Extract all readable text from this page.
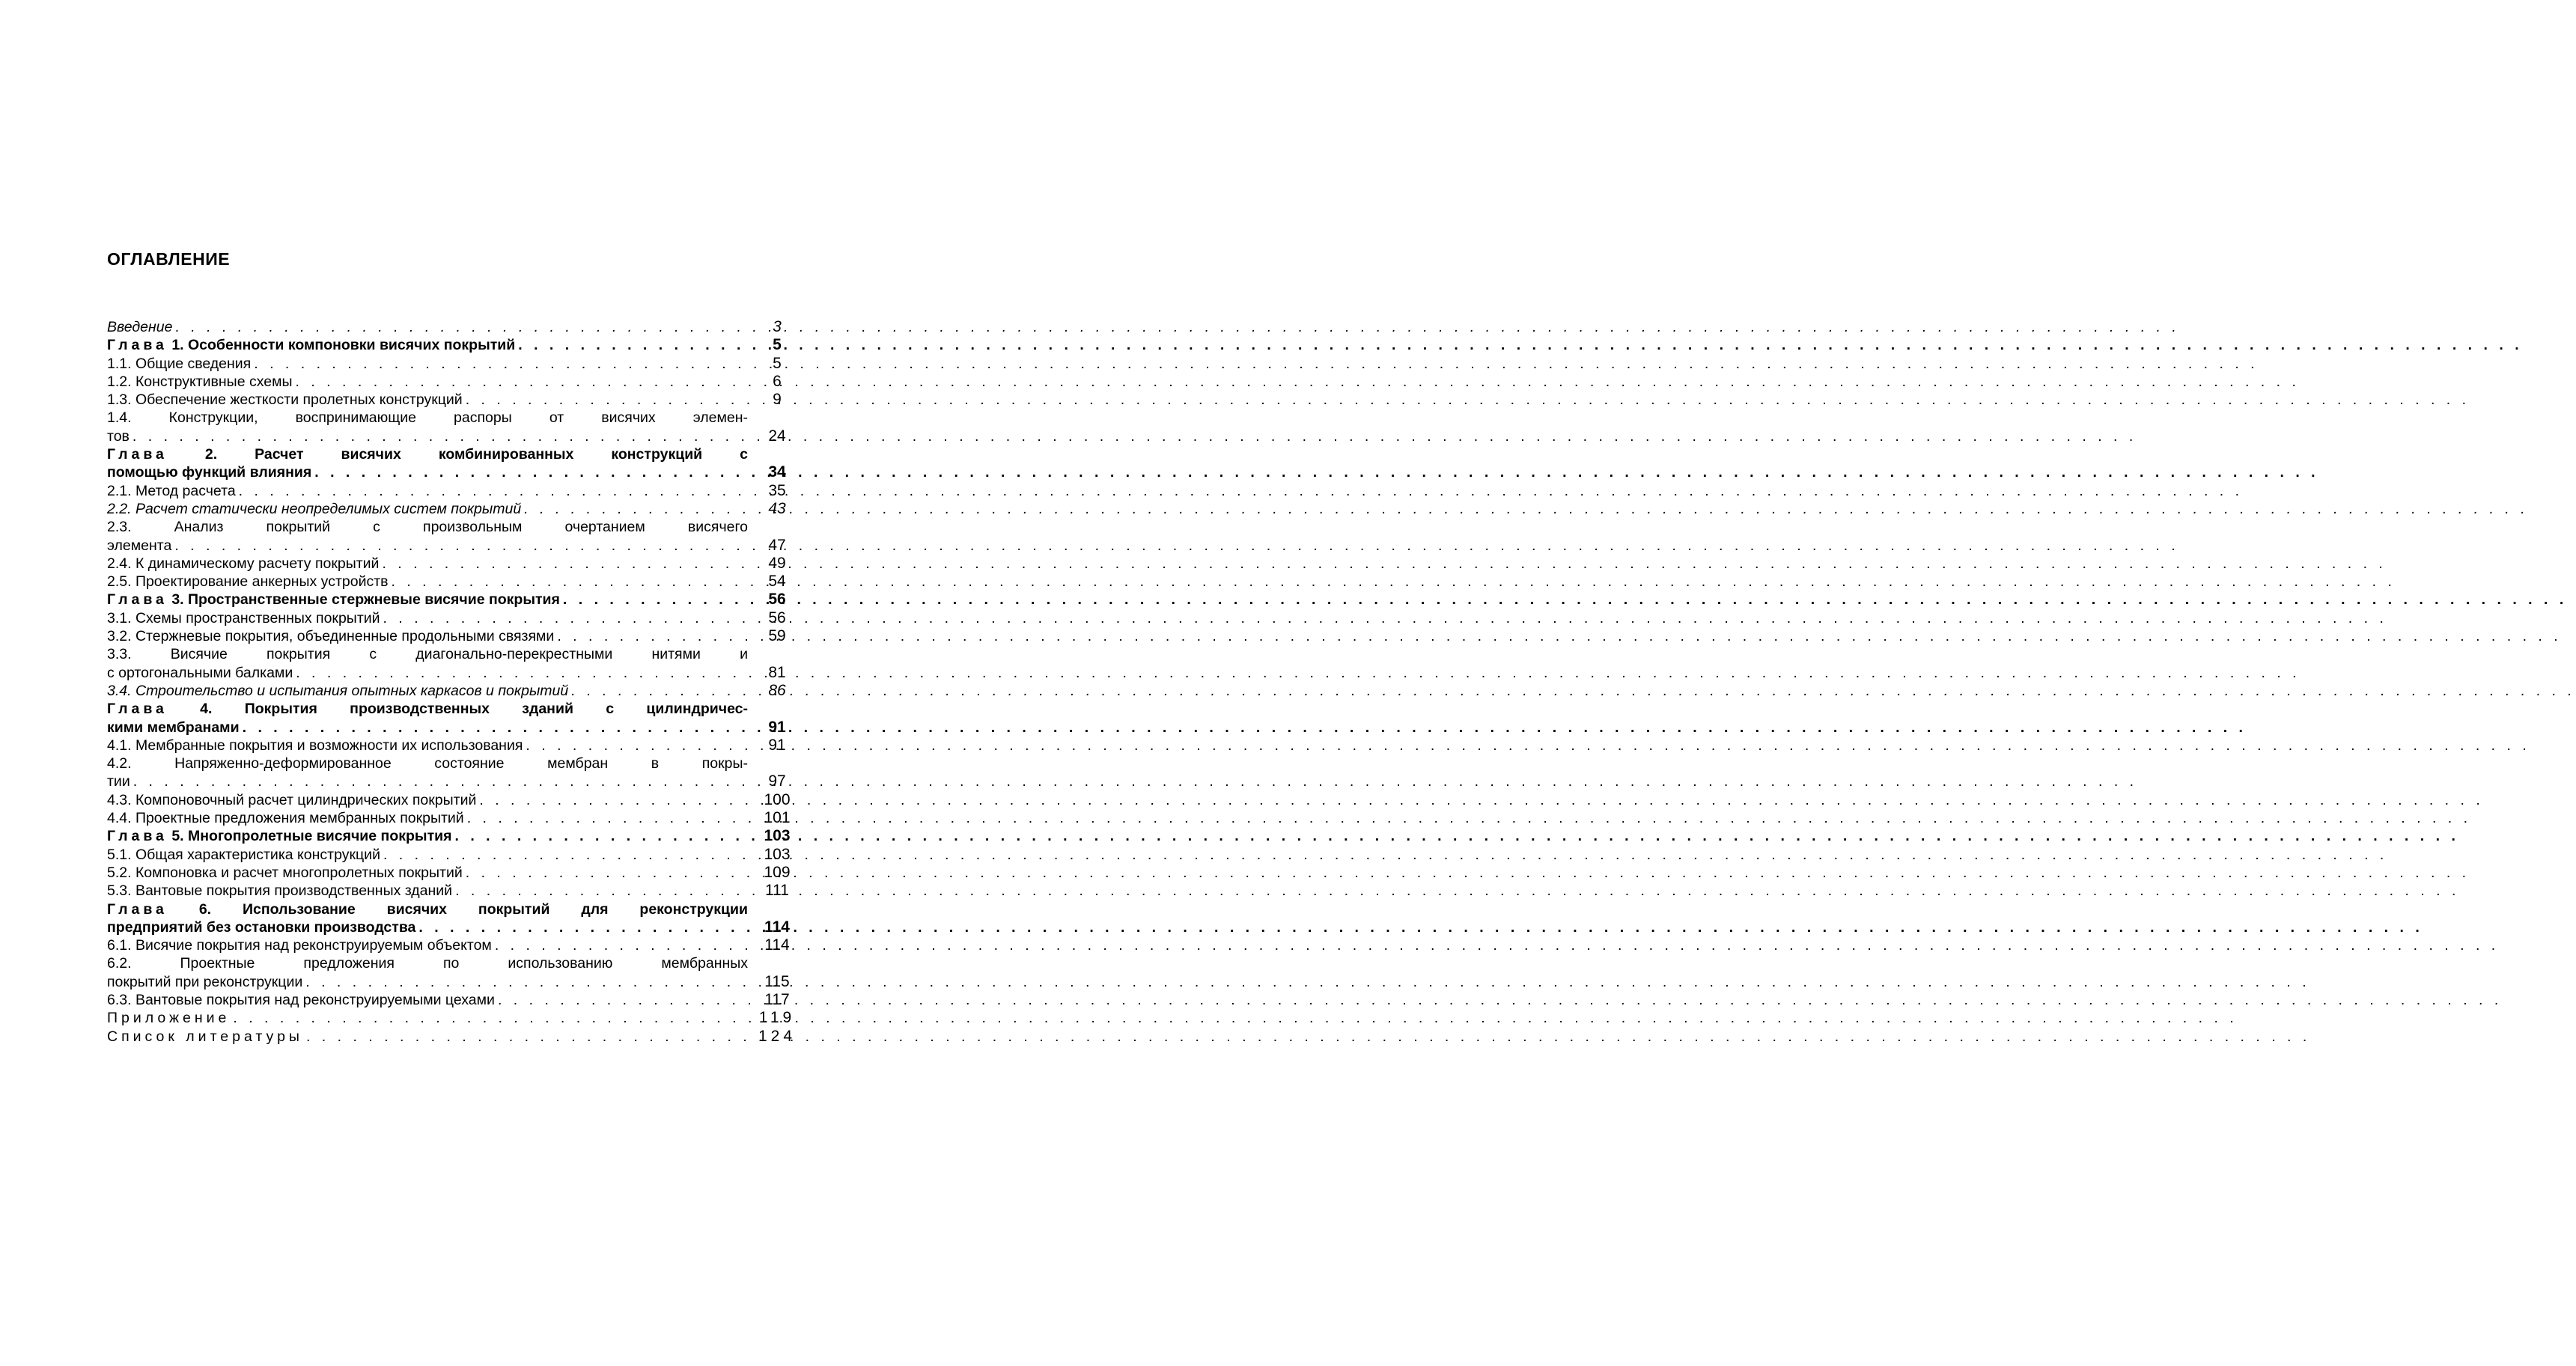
ОГЛАВЛЕНИЕ
Введение . . .	3
Глава 1. Особенности компоновки висячих покрытий . . .	5
1.1. Общие сведения . . .	5
1.2. Конструктивные схемы . . .	6
1.3. Обеспечение жесткости пролетных конструкций . . .	9
1.4. Конструкции, воспринимающие распоры от висячих элемен-
тов . . .	24
Глава 2. Расчет висячих комбинированных конструкций с
помощью функций влияния . . .	34
2.1. Метод расчета . . .	35
2.2. Расчет статически неопределимых систем покрытий . . .	43
2.3. Анализ покрытий с произвольным очертанием висячего
элемента . . .	47
2.4. К динамическому расчету покрытий . . .	49
2.5. Проектирование анкерных устройств . . .	54
Глава 3. Пространственные стержневые висячие покрытия . . .	56
3.1. Схемы пространственных покрытий . . .	56
3.2. Стержневые покрытия, объединенные продольными связями . . .	59
3.3. Висячие покрытия с диагонально-перекрестными нитями и
с ортогональными балками . . .	81
3.4. Строительство и испытания опытных каркасов и покрытий . . .	86
Глава 4. Покрытия производственных зданий с цилиндричес-
кими мембранами . . .	91
4.1. Мембранные покрытия и возможности их использования . . .	91
4.2. Напряженно-деформированное состояние мембран в покры-
тии . . .	97
4.3. Компоновочный расчет цилиндрических покрытий . . .	100
4.4. Проектные предложения мембранных покрытий . . .	101
Глава 5. Многопролетные висячие покрытия . . .	103
5.1. Общая характеристика конструкций . . .	103
5.2. Компоновка и расчет многопролетных покрытий . . .	109
5.3. Вантовые покрытия производственных зданий . . .	111
Глава 6. Использование висячих покрытий для реконструкции
предприятий без остановки производства . . .	114
6.1. Висячие покрытия над реконструируемым объектом . . .	114
6.2. Проектные предложения по использованию мембранных
покрытий при реконструкции . . .	115
6.3. Вантовые покрытия над реконструируемыми цехами . . .	117
Приложение . . .	119
Список литературы . . .	124
